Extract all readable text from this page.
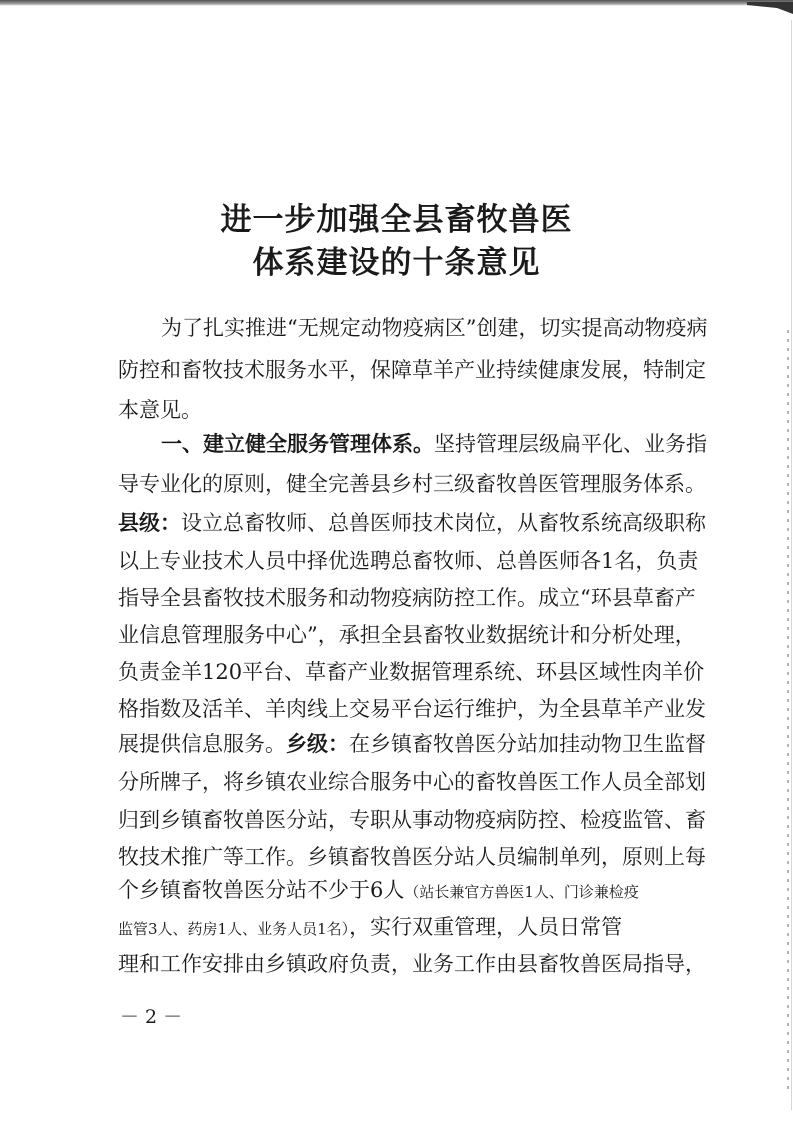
进一步加强全县畜牧兽医
体系建设的十条意见

为了扎实推进“无规定动物疫病区”创建，切实提高动物疫病

防控和畜牧技术服务水平，保障草羊产业持续健康发展，特制定

本意见。

一、建立健全服务管理体系。坚持管理层级扁平化、业务指

导专业化的原则，健全完善县乡村三级畜牧兽医管理服务体系。

县级：设立总畜牧师、总兽医师技术岗位，从畜牧系统高级职称

以上专业技术人员中择优选聘总畜牧师、总兽医师各1名，负责

指导全县畜牧技术服务和动物疫病防控工作。成立“环县草畜产

业信息管理服务中心”，承担全县畜牧业数据统计和分析处理，

负责金羊120平台、草畜产业数据管理系统、环县区域性肉羊价

格指数及活羊、羊肉线上交易平台运行维护，为全县草羊产业发

展提供信息服务。乡级：在乡镇畜牧兽医分站加挂动物卫生监督

分所牌子，将乡镇农业综合服务中心的畜牧兽医工作人员全部划

归到乡镇畜牧兽医分站，专职从事动物疫病防控、检疫监管、畜

牧技术推广等工作。乡镇畜牧兽医分站人员编制单列，原则上每

个乡镇畜牧兽医分站不少于6人（站长兼官方兽医1人、门诊兼检疫

监管3人、药房1人、业务人员1名），实行双重管理，人员日常管

理和工作安排由乡镇政府负责，业务工作由县畜牧兽医局指导，

－ 2 －
